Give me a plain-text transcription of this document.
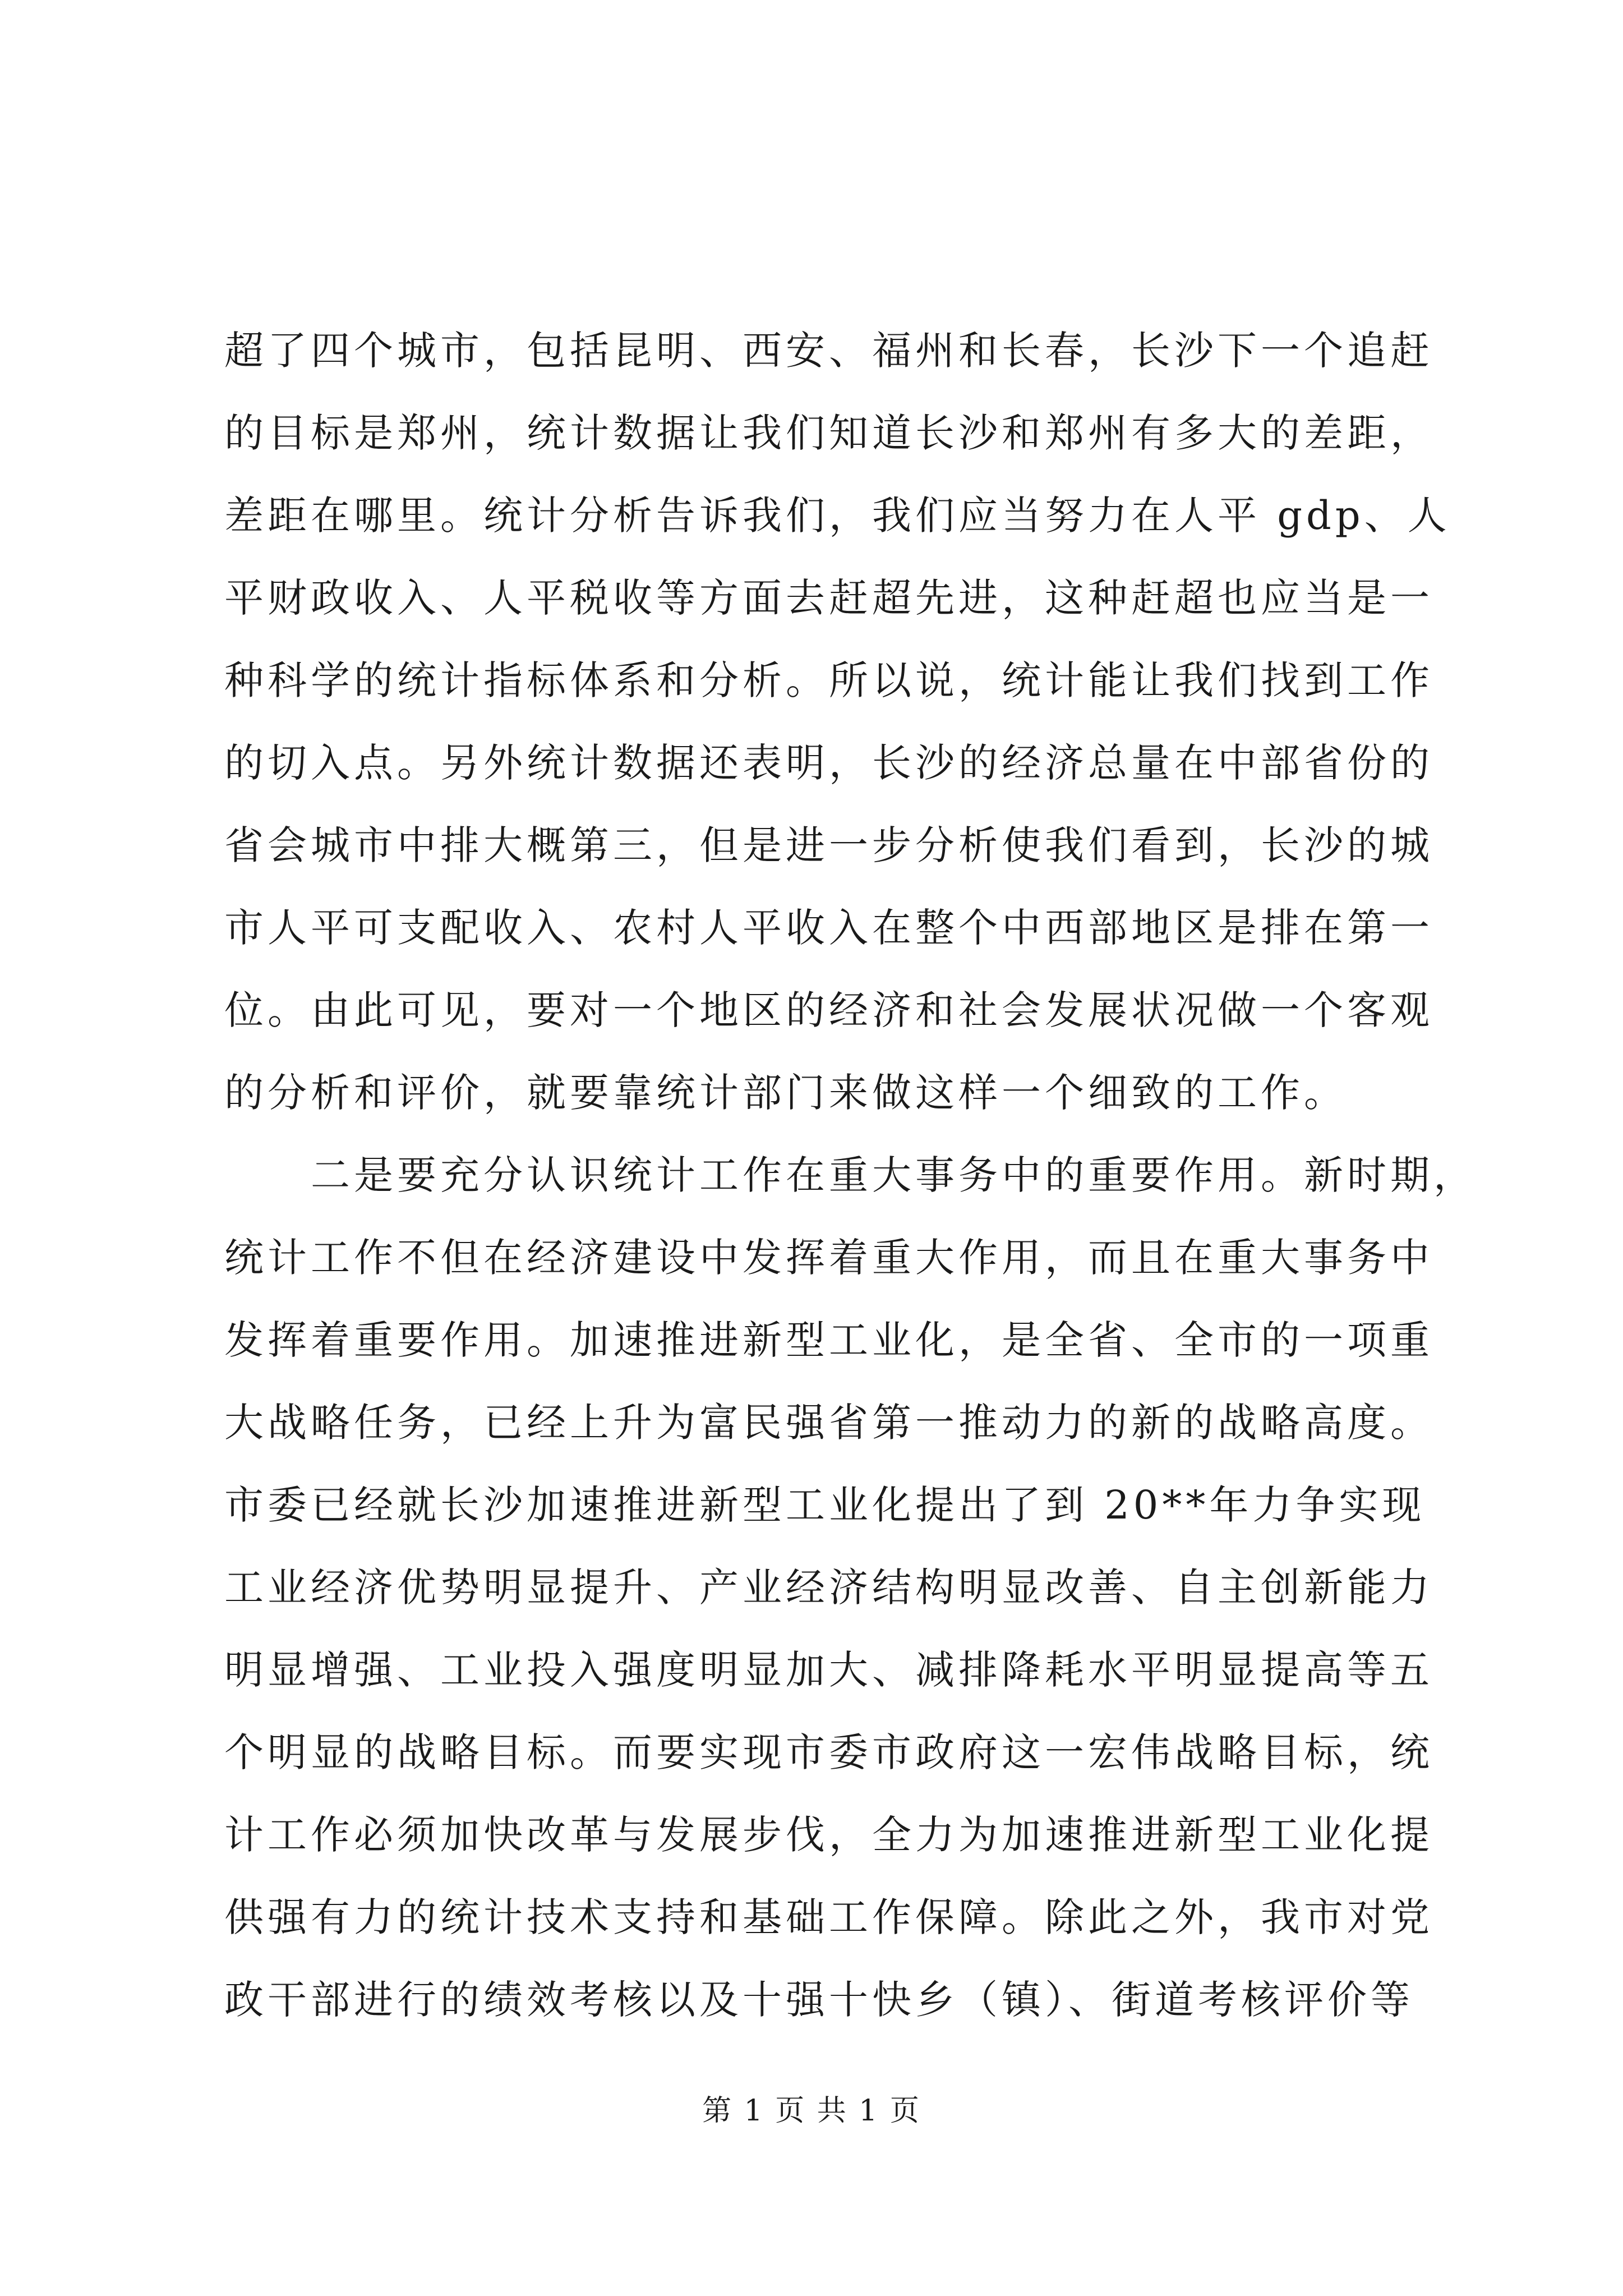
超了四个城市，包括昆明、西安、福州和长春，长沙下一个追赶
的目标是郑州，统计数据让我们知道长沙和郑州有多大的差距，
差距在哪里。统计分析告诉我们，我们应当努力在人平 gdp、人
平财政收入、人平税收等方面去赶超先进，这种赶超也应当是一
种科学的统计指标体系和分析。所以说，统计能让我们找到工作
的切入点。另外统计数据还表明，长沙的经济总量在中部省份的
省会城市中排大概第三，但是进一步分析使我们看到，长沙的城
市人平可支配收入、农村人平收入在整个中西部地区是排在第一
位。由此可见，要对一个地区的经济和社会发展状况做一个客观
的分析和评价，就要靠统计部门来做这样一个细致的工作。
　　二是要充分认识统计工作在重大事务中的重要作用。新时期，
统计工作不但在经济建设中发挥着重大作用，而且在重大事务中
发挥着重要作用。加速推进新型工业化，是全省、全市的一项重
大战略任务，已经上升为富民强省第一推动力的新的战略高度。
市委已经就长沙加速推进新型工业化提出了到 20**年力争实现
工业经济优势明显提升、产业经济结构明显改善、自主创新能力
明显增强、工业投入强度明显加大、减排降耗水平明显提高等五
个明显的战略目标。而要实现市委市政府这一宏伟战略目标，统
计工作必须加快改革与发展步伐，全力为加速推进新型工业化提
供强有力的统计技术支持和基础工作保障。除此之外，我市对党
政干部进行的绩效考核以及十强十快乡（镇）、街道考核评价等
第 1 页 共 1 页
